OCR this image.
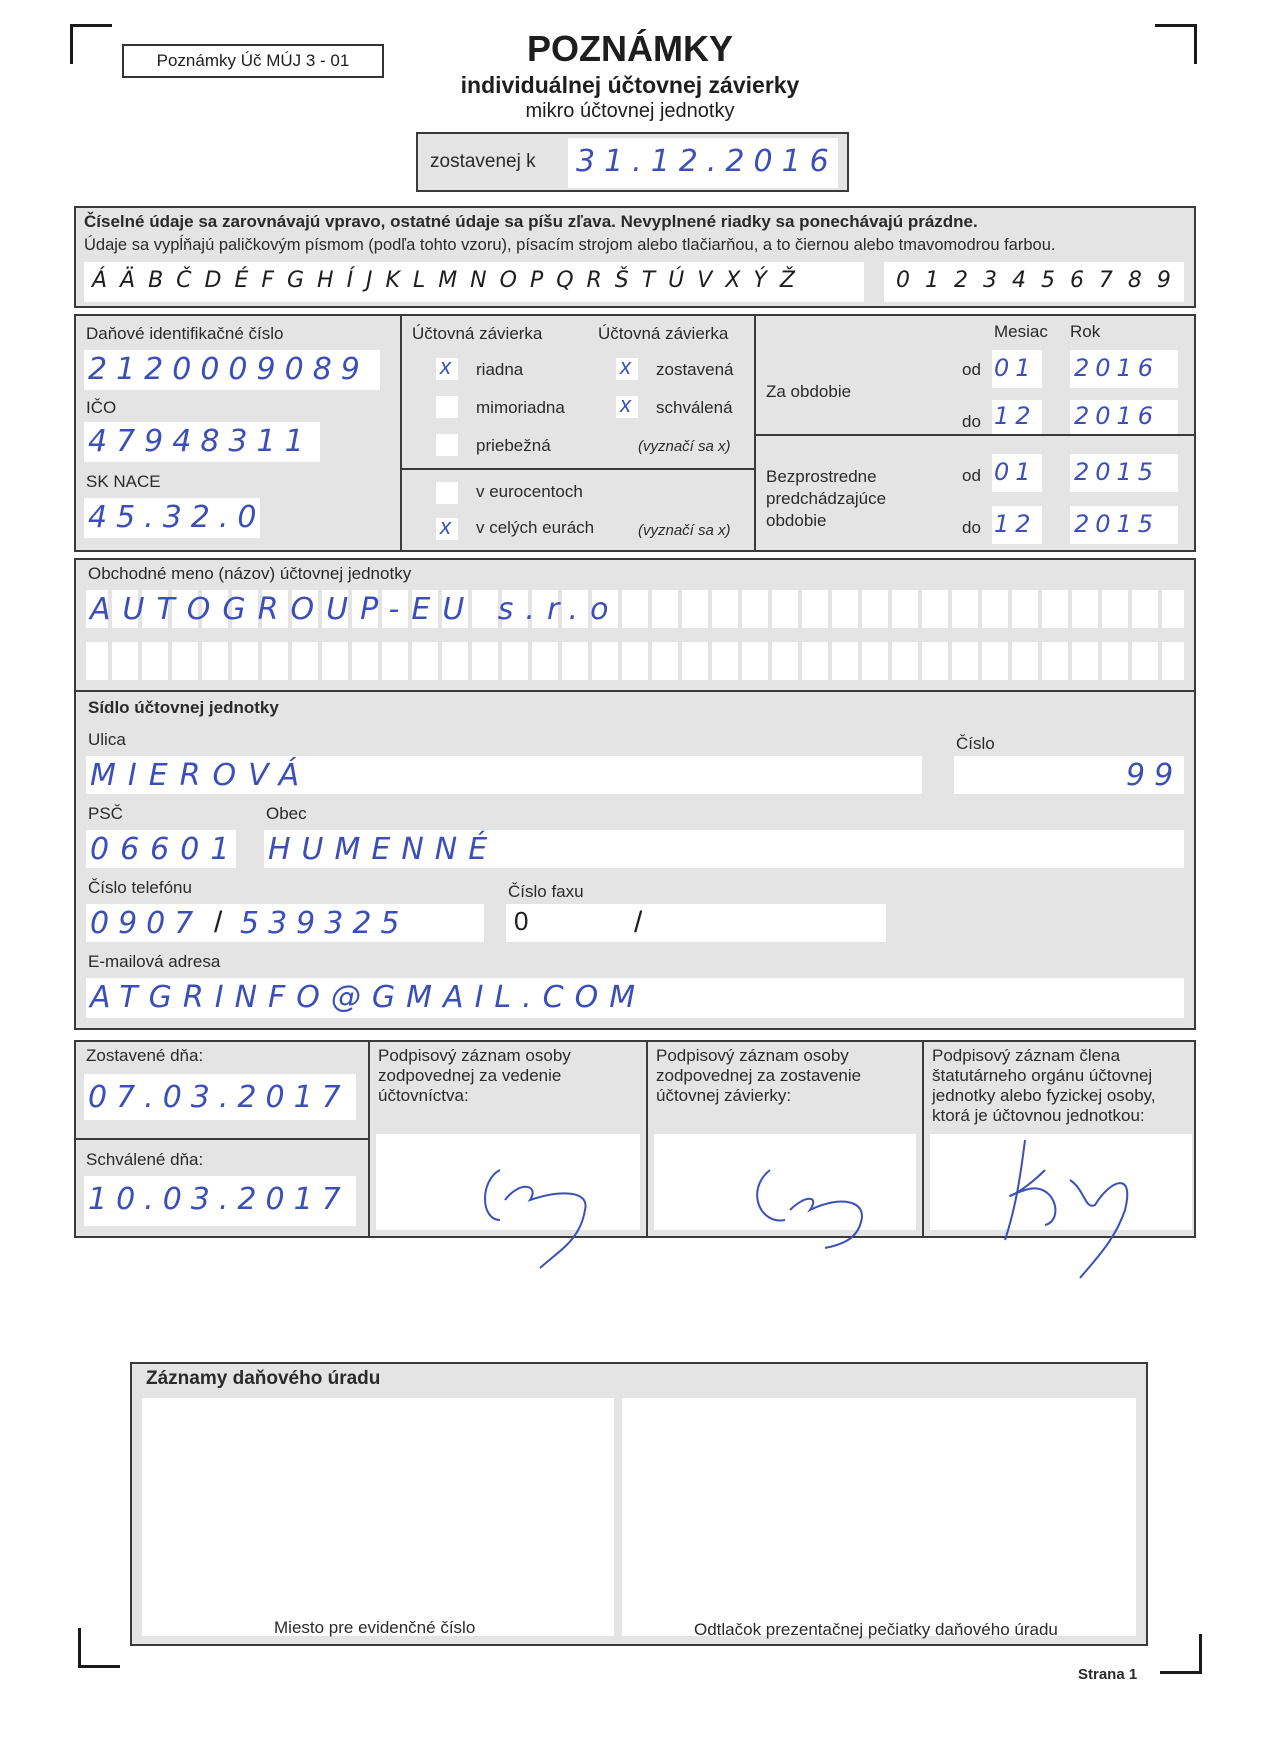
Poznámky Úč MÚJ 3 - 01	POZNÁMKY
individuálnej účtovnej závierky
mikro účtovnej jednotky
zostavenej k 31.12.2016
Číselné údaje sa zarovnávajú vpravo, ostatné údaje sa píšu zľava. Nevyplnené riadky sa ponechávajú prázdne.
Údaje sa vypĺňajú paličkovým písmom (podľa tohto vzoru), písacím strojom alebo tlačiarňou, a to čiernou alebo tmavomodrou farbou.
Á Ä B Č D É F G H Í J K L M N O P Q R Š T Ú V X Ý Ž	0 1 2 3 4 5 6 7 8 9
Daňové identifikačné číslo
2120009089
IČO
47948311
SK NACE
45.32.0
Účtovná závierka	Účtovná závierka
x riadna
mimoriadna
priebežná
x zostavená
x schválená
(vyznačí sa x)
v eurocentoch
x v celých eurách	(vyznačí sa x)
Mesiac Rok
Za obdobie
od 01 2016
do 12 2016
Bezprostredne predchádzajúce obdobie
od 01 2015
do 12 2015
Obchodné meno (názov) účtovnej jednotky
AUTOGROUP-EU s.r.o
Sídlo účtovnej jednotky
Ulica
MIEROVÁ
Číslo
99
PSČ	Obec
06601 HUMENNÉ
Číslo telefónu	Číslo faxu
0907 / 539325	0	/
E-mailová adresa
ATGRINFO@GMAIL.COM
Zostavené dňa:
07.03.2017
Schválené dňa:
10.03.2017
Podpisový záznam osoby zodpovednej za vedenie účtovníctva:
Podpisový záznam osoby zodpovednej za zostavenie účtovnej závierky:
Podpisový záznam člena štatutárneho orgánu účtovnej jednotky alebo fyzickej osoby, ktorá je účtovnou jednotkou:
Záznamy daňového úradu
Miesto pre evidenčné číslo	Odtlačok prezentačnej pečiatky daňového úradu
Strana 1
